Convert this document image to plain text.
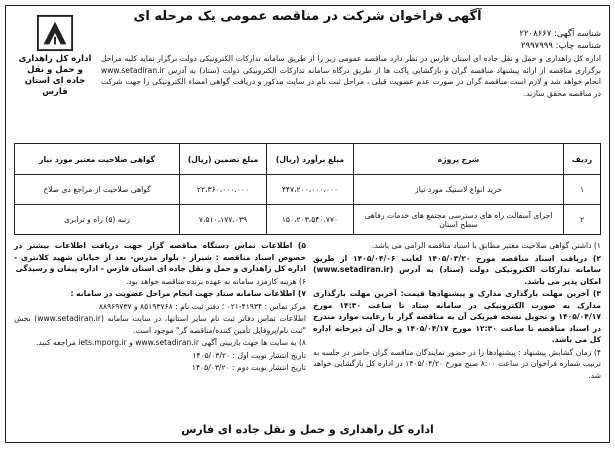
آگهی فراخوان شرکت در مناقصه عمومی یک مرحله ای
شناسه آگهی: ۲۲۰۸۶۶۷
شناسه چاپ: ۲۹۹۷۹۹۹
اداره کل راهداری و حمل و نقل
جاده ای استان فارس
اداره کل راهداری و حمل و نقل جاده ای استان فارس در نظر دارد مناقصه عمومی زیر را از طریق سامانه تدارکات الکترونیکی دولت برگزار نماید کلیه مراحل برگزاری مناقصه از ارائه پیشنهاد مناقصه گران و بازگشایی پاکت ها از طریق درگاه سامانه تدارکات الکترونیکی دولت (ستاد) به آدرس www.setadiran.ir انجام خواهد شد و لازم است مناقصه گران در صورت عدم عضویت قبلی ، مراحل ثبت نام در سایت مذکور و دریافت گواهی امضاء الکترونیکی را جهت شرکت در مناقصه محقق سازند.
ردیف	شرح پروژه	مبلغ برآورد (ریال)	مبلغ تضمین (ریال)	گواهی صلاحیت معتبر مورد نیاز
۱	خرید انواع لاستیک مورد نیاز	۴۴۷،۲۰۰،۰۰۰،۰۰۰	۲۲،۳۶۰،۰۰۰،۰۰۰	گواهی صلاحیت از مراجع ذی صلاح
۲	اجرای آسفالت راه های دسترسی مجتمع های خدمات رفاهی سطح استان	۱۵۰،۲۰۳،۵۴۰،۷۷۰	۷،۵۱۰،۱۷۷،۰۳۹	رتبه (۵) راه و ترابری

۱) داشتن گواهی صلاحیت معتبر مطابق با اسناد مناقصه الزامی می باشد.

۲) دریافت اسناد مناقصه مورخ ۱۴۰۵/۰۳/۲۰ لغایت ۱۴۰۵/۰۴/۰۶ از طریق سامانه تدارکات الکترونیکی دولت (ستاد) به آدرس (www.setadiran.ir) امکان پذیر می باشد.

۳) آخرین مهلت بارگذاری مدارک و پیشنهادها قیمت: آخرین مهلت بارگذاری مدارک به صورت الکترونیکی در سامانه ستاد تا ساعت ۱۴:۳۰ مورخ ۱۴۰۵/۰۴/۱۷ و تحویل نسخه فیزیکی آن به مناقصه گزار با رعایت موارد مندرج در اسناد مناقصه تا ساعت ۱۲:۳۰ مورخ ۱۴۰۵/۰۴/۱۷ و حال آن ذیرخانه اداره کل می باشد.

۴) زمان گشایش پیشنهاد : پیشنهادها را در حضور نمایندگان مناقصه گران حاضر در جلسه به ترتیب شماره فراخوان در ساعت ۸:۰۰ صبح مورخ ۱۴۰۵/۰۴/۲۰ در اداره کل بازگشایی خواهد شد.

۵) اطلاعات تماس دستگاه مناقصه گزار جهت دریافت اطلاعات بیشتر در خصوص اسناد مناقصه : شیراز - بلوار مدرس- بعد از خیابان شهید کلانتری - اداره کل راهداری و حمل و نقل جاده ای استان فارس - اداره پیمان و رسیدگی

۶) هزینه کارمزد سامانه به عهده برنده مناقصه خواهد بود.

۷) اطلاعات سامانه ستاد جهت انجام مراحل عضویت در سامانه :

مرکز تماس : ۴۱۹۳۴-۰۲۱ ؛ دفتر ثبت نام : ۸۵۱۹۳۷۶۸ و ۸۸۹۶۹۷۳۷

اطلاعات تماس دفاتر ثبت نام سایر استانها، در سایت سامانه (www.setadiran.ir) بخش "ثبت نام/پروفایل تأمین کننده/مناقصه گر" موجود است.

۸) به سایت ها جهت بازبینی آگهی www.setadiran.ir و iets.mporg.ir مراجعه کنید.

تاریخ انتشار نوبت اول : ۱۴۰۵/۰۳/۲۰

تاریخ انتشار نوبت دوم : ۱۴۰۵/۰۳/۲۰

اداره کل راهداری و حمل و نقل جاده ای فارس
